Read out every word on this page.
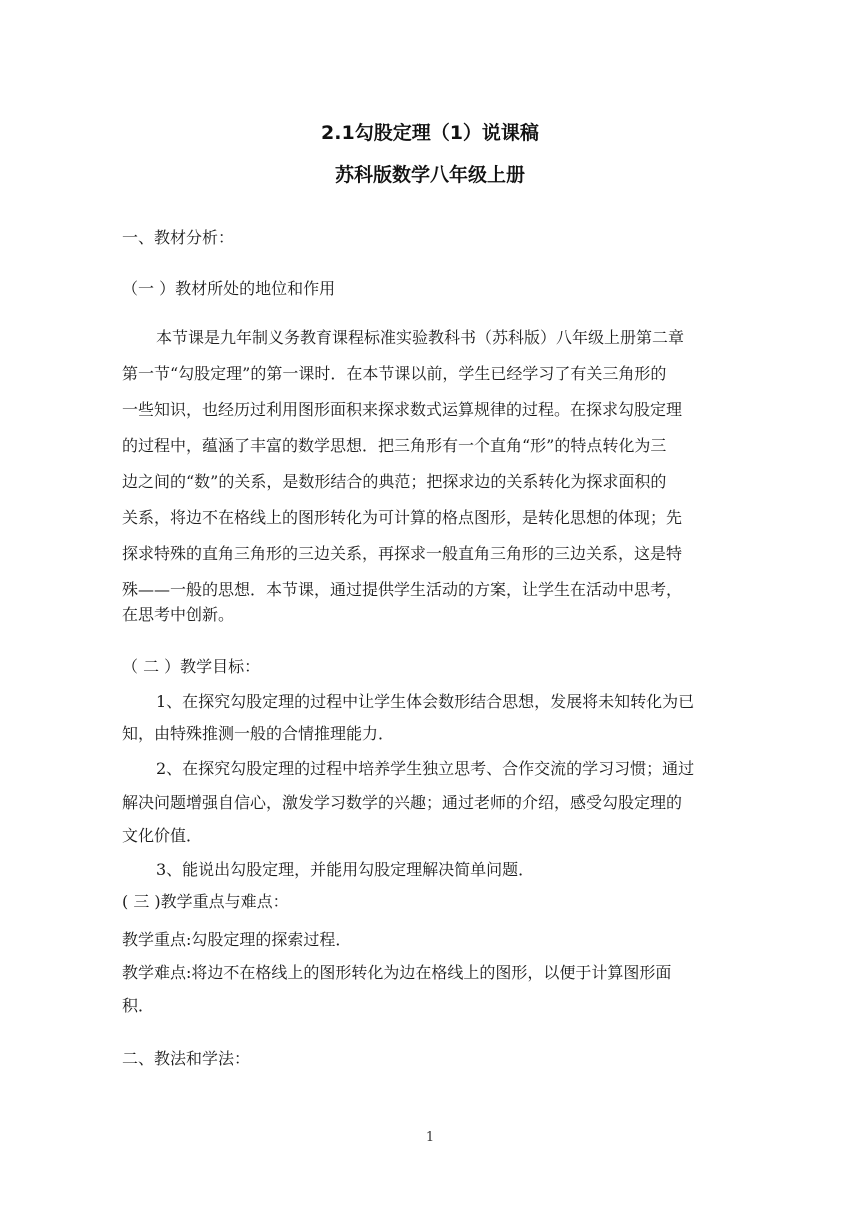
2.1勾股定理（1）说课稿
苏科版数学八年级上册
一、教材分析：
（一 ）教材所处的地位和作用
本节课是九年制义务教育课程标准实验教科书（苏科版）八年级上册第二章
第一节“勾股定理”的第一课时．在本节课以前，学生已经学习了有关三角形的
一些知识，也经历过利用图形面积来探求数式运算规律的过程。在探求勾股定理
的过程中，蕴涵了丰富的数学思想．把三角形有一个直角“形”的特点转化为三
边之间的“数”的关系，是数形结合的典范；把探求边的关系转化为探求面积的
关系，将边不在格线上的图形转化为可计算的格点图形，是转化思想的体现；先
探求特殊的直角三角形的三边关系，再探求一般直角三角形的三边关系，这是特
殊——一般的思想．本节课，通过提供学生活动的方案，让学生在活动中思考，
在思考中创新。
（ 二 ）教学目标：
1、在探究勾股定理的过程中让学生体会数形结合思想，发展将未知转化为已
知，由特殊推测一般的合情推理能力．
2、在探究勾股定理的过程中培养学生独立思考、合作交流的学习习惯；通过
解决问题增强自信心，激发学习数学的兴趣；通过老师的介绍，感受勾股定理的
文化价值．
3、能说出勾股定理，并能用勾股定理解决简单问题．
( 三 )教学重点与难点：
教学重点:勾股定理的探索过程．
教学难点:将边不在格线上的图形转化为边在格线上的图形，以便于计算图形面
积．
二、教法和学法：
1
